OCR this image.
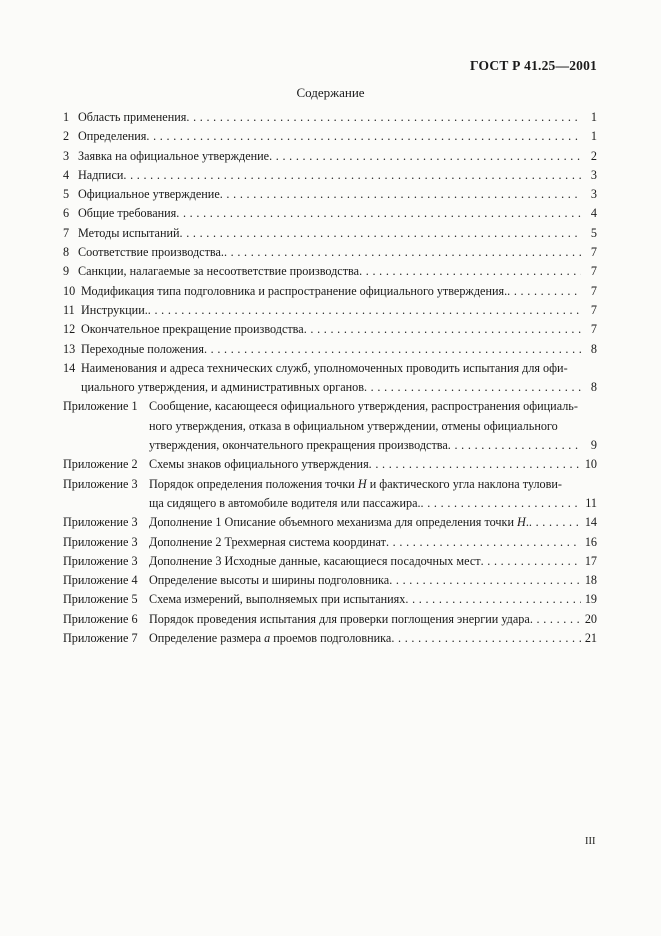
ГОСТ Р 41.25—2001
Содержание
1 Область применения . . .	1
2 Определения . . .	1
3 Заявка на официальное утверждение . . .	2
4 Надписи . . .	3
5 Официальное утверждение . . .	3
6 Общие требования . . .	4
7 Методы испытаний . . .	5
8 Соответствие производства. . . .	7
9 Санкции, налагаемые за несоответствие производства . . .	7
10 Модификация типа подголовника и распространение официального утверждения. . . .	7
11 Инструкции. . . .	7
12 Окончательное прекращение производства . . .	7
13 Переходные положения . . .	8
14 Наименования и адреса технических служб, уполномоченных проводить испытания для офи-
циального утверждения, и административных органов . . .	8
Приложение 1 Сообщение, касающееся официального утверждения, распространения официаль-
ного утверждения, отказа в официальном утверждении, отмены официального
утверждения, окончательного прекращения производства . . .	9
Приложение 2 Схемы знаков официального утверждения . . .	10
Приложение 3 Порядок определения положения точки Н и фактического угла наклона тулови-
ща сидящего в автомобиле водителя или пассажира. . . .	11
Приложение 3 Дополнение 1 Описание объемного механизма для определения точки Н. . . .	14
Приложение 3 Дополнение 2 Трехмерная система координат . . .	16
Приложение 3 Дополнение 3 Исходные данные, касающиеся посадочных мест . . .	17
Приложение 4 Определение высоты и ширины подголовника . . .	18
Приложение 5 Схема измерений, выполняемых при испытаниях . . .	19
Приложение 6 Порядок проведения испытания для проверки поглощения энергии удара . . .	20
Приложение 7 Определение размера а проемов подголовника . . .	21
III
